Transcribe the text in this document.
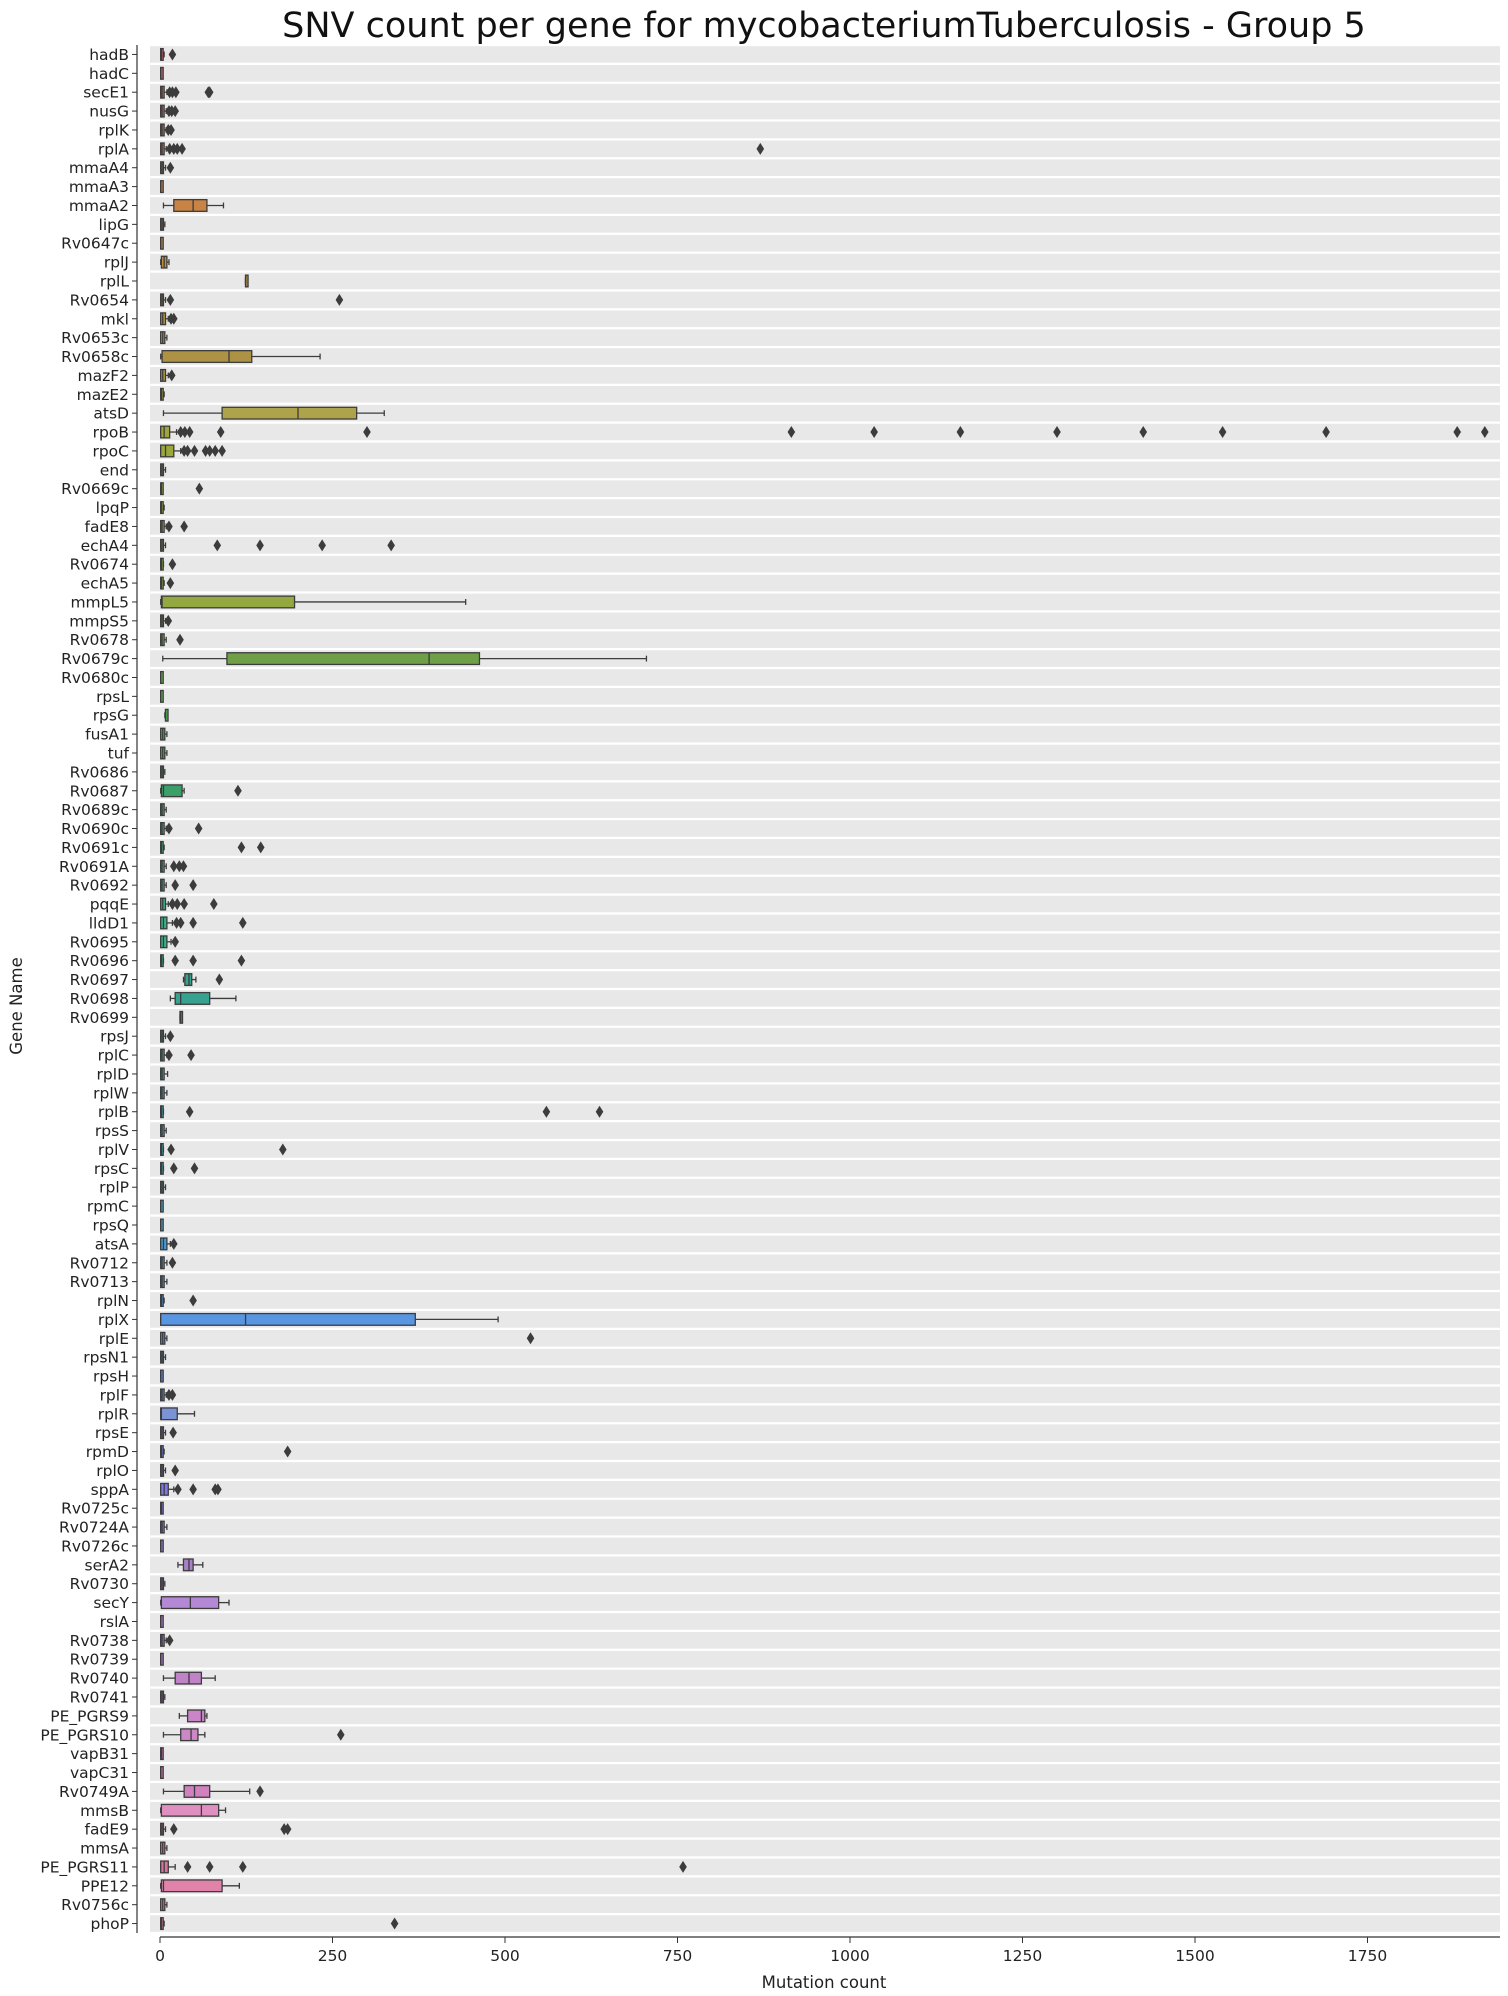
hadB
hadC
secE1
nusG
rplK
rplA
mmaA4
mmaA3
mmaA2
lipG
Rv0647c
rplJ
rplL
Rv0654
mkl
Rv0653c
Rv0658c
mazF2
mazE2
atsD
rpoB
rpoC
end
Rv0669c
lpqP
fadE8
echA4
Rv0674
echA5
mmpL5
mmpS5
Rv0678
Rv0679c
Rv0680c
rpsL
rpsG
fusA1
tuf
Rv0686
Rv0687
Rv0689c
Rv0690c
Rv0691c
Rv0691A
Rv0692
pqqE
lldD1
Rv0695
Rv0696
Rv0697
Rv0698
Rv0699
rpsJ
rplC
rplD
rplW
rplB
rpsS
rplV
rpsC
rplP
rpmC
rpsQ
atsA
Rv0712
Rv0713
rplN
rplX
rplE
rpsN1
rpsH
rplF
rplR
rpsE
rpmD
rplO
sppA
Rv0725c
Rv0724A
Rv0726c
serA2
Rv0730
secY
rslA
Rv0738
Rv0739
Rv0740
Rv0741
PE_PGRS9
PE_PGRS10
vapB31
vapC31
Rv0749A
mmsB
fadE9
mmsA
PE_PGRS11
PPE12
Rv0756c
phoP
0	250	500	750	1000	1250	1500	1750
SNV count per gene for mycobacteriumTuberculosis - Group 5
Mutation count
Gene Name
